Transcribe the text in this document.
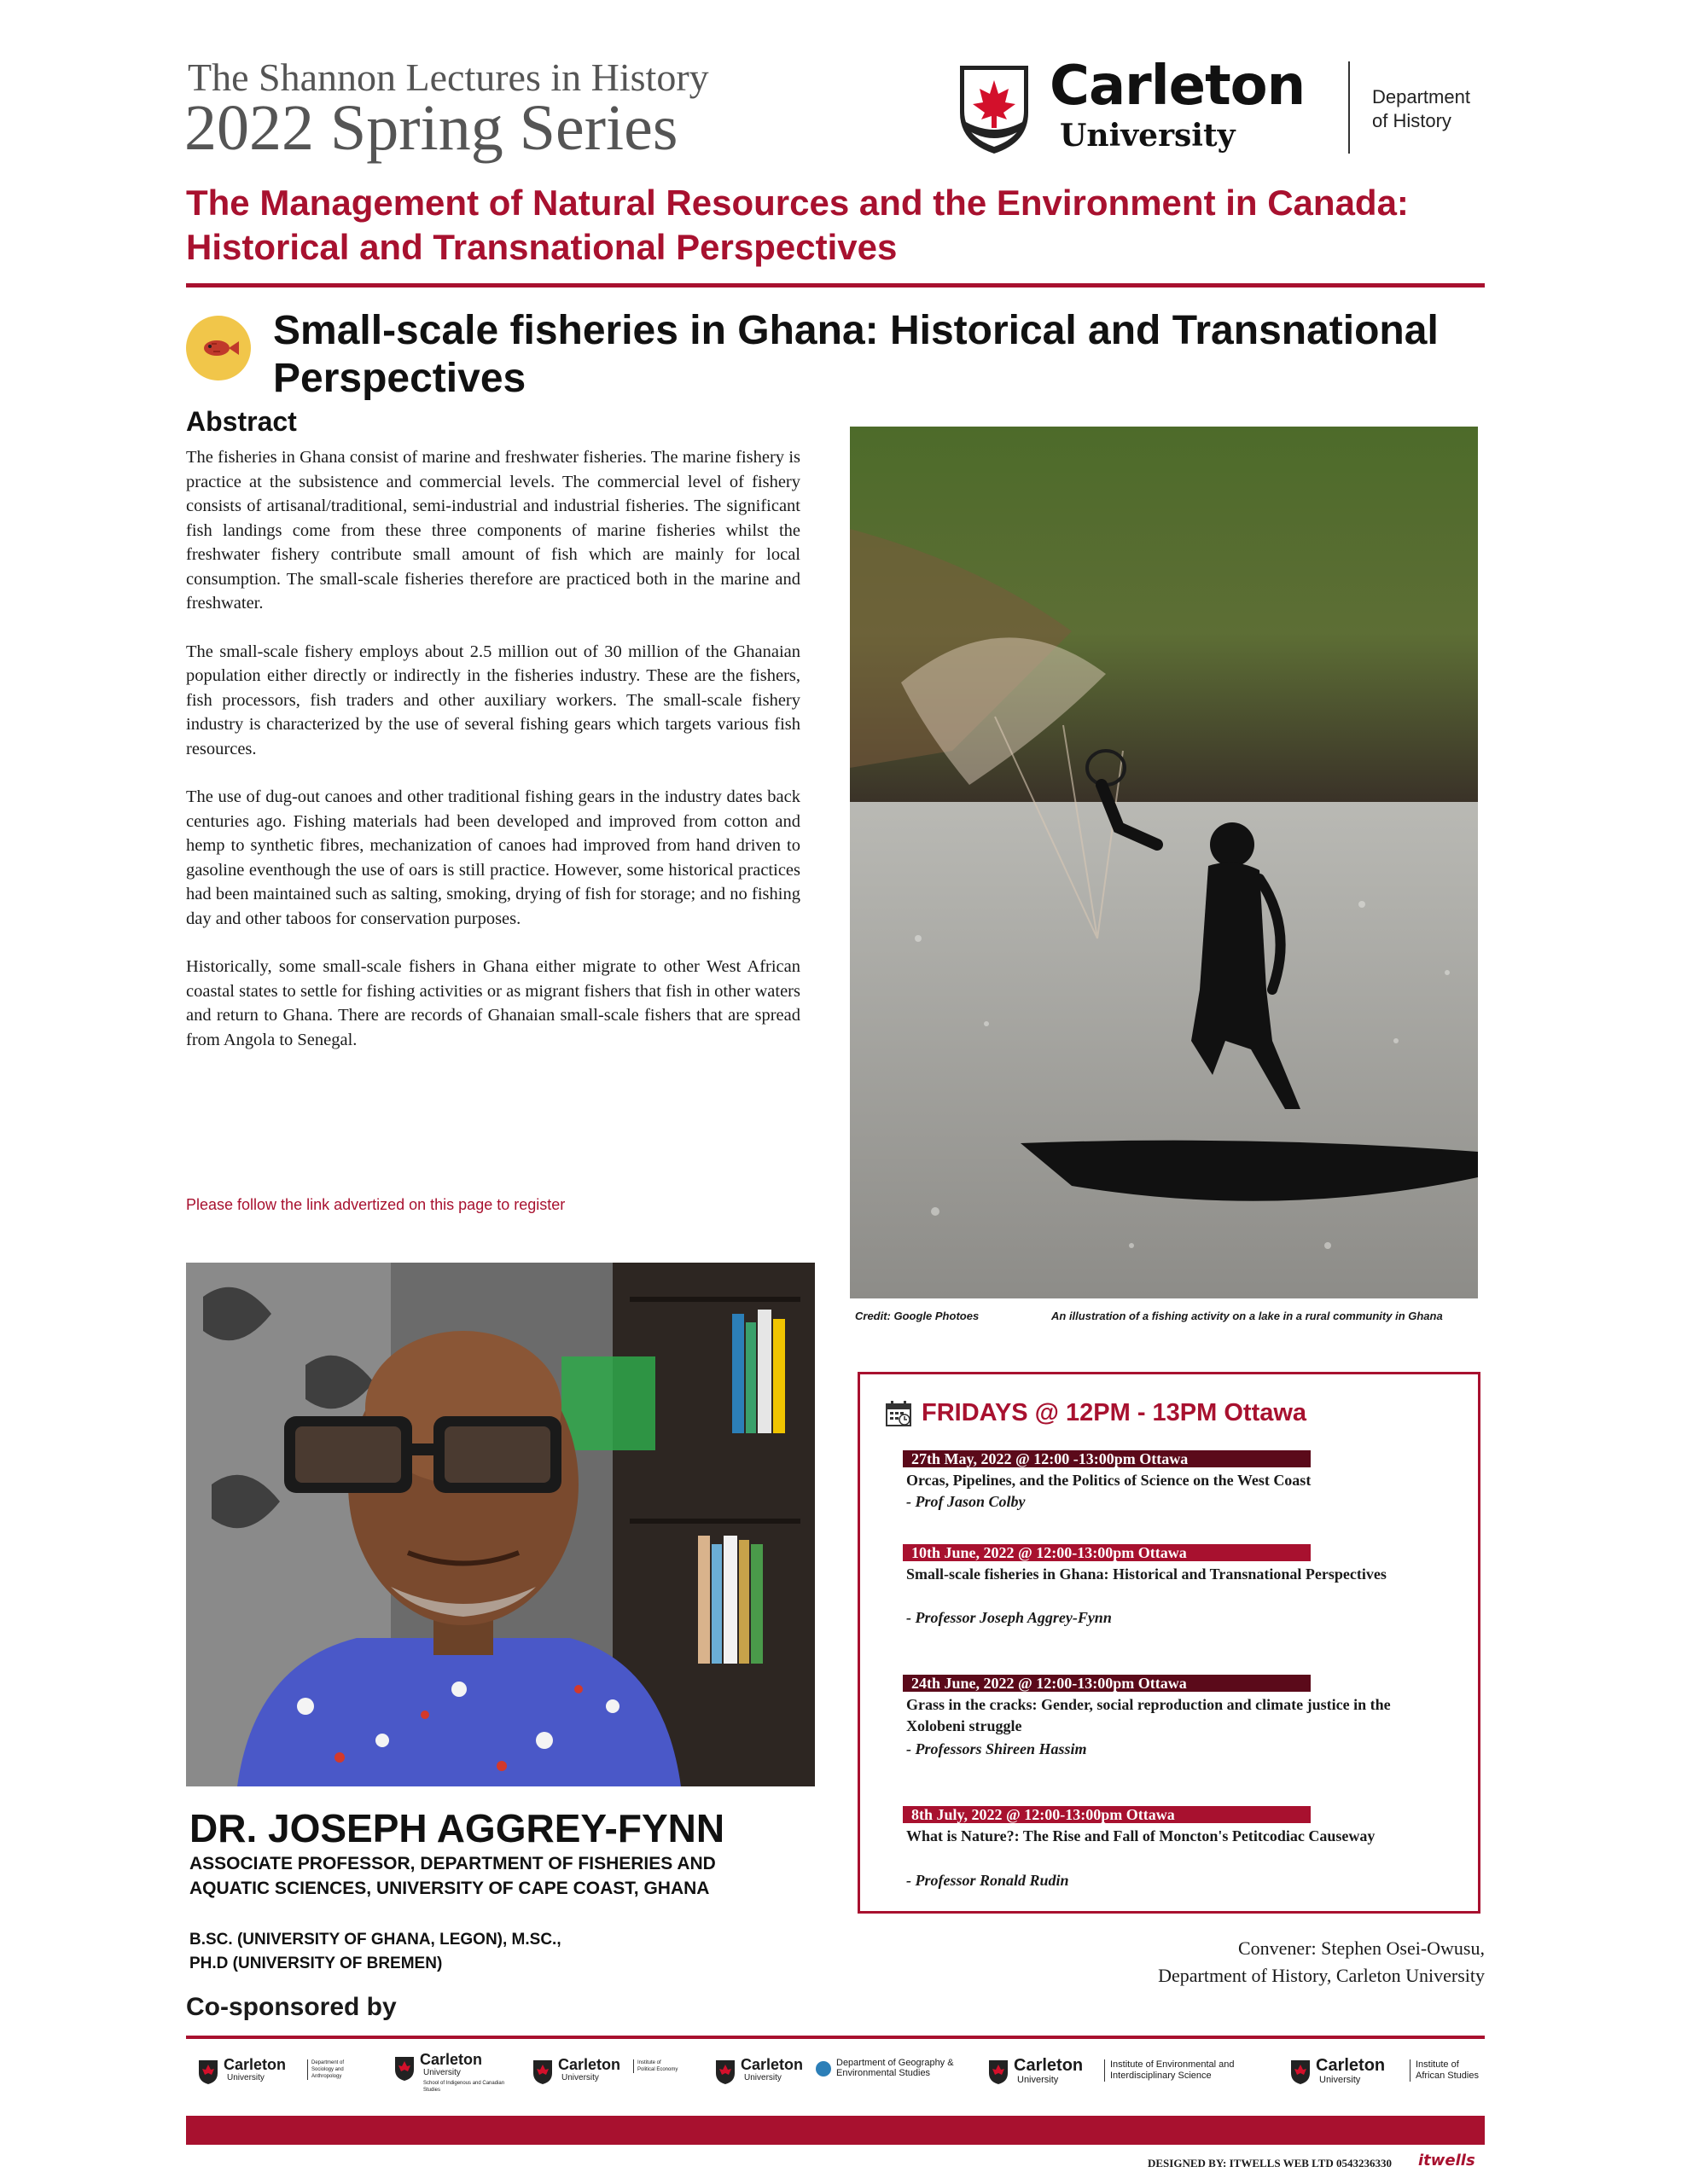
The Shannon Lectures in History
2022 Spring Series
Carleton
University
Department
of History
The Management of Natural Resources and the Environment in Canada:
Historical and Transnational Perspectives
Small-scale fisheries in Ghana: Historical and Transnational Perspectives
Abstract

The fisheries in Ghana consist of marine and freshwater fisheries. The marine fishery is practice at the subsistence and commercial levels. The commercial level of fishery consists of artisanal/traditional, semi-industrial and industrial fisheries. The significant fish landings come from these three components of marine fisheries whilst the freshwater fishery contribute small amount of fish which are mainly for local consumption. The small-scale fisheries therefore are practiced both in the marine and freshwater.

The small-scale fishery employs about 2.5 million out of 30 million of the Ghanaian population either directly or indirectly in the fisheries industry. These are the fishers, fish processors, fish traders and other auxiliary workers. The small-scale fishery industry is characterized by the use of several fishing gears which targets various fish resources.

The use of dug-out canoes and other traditional fishing gears in the industry dates back centuries ago. Fishing materials had been developed and improved from cotton and hemp to synthetic fibres, mechanization of canoes had improved from hand driven to gasoline eventhough the use of oars is still practice. However, some historical practices had been maintained such as salting, smoking, drying of fish for storage; and no fishing day and other taboos for conservation purposes.

Historically, some small-scale fishers in Ghana either migrate to other West African coastal states to settle for fishing activities or as migrant fishers that fish in other waters and return to Ghana. There are records of Ghanaian small-scale fishers that are spread from Angola to Senegal.

Please follow the link advertized on this page to register
Credit: Google Photoes	An illustration of a fishing activity on a lake in a rural community in Ghana
DR. JOSEPH AGGREY-FYNN
ASSOCIATE PROFESSOR, DEPARTMENT OF FISHERIES AND
AQUATIC SCIENCES, UNIVERSITY OF CAPE COAST, GHANA
B.SC. (UNIVERSITY OF GHANA, LEGON), M.SC.,
PH.D (UNIVERSITY OF BREMEN)
FRIDAYS @ 12PM - 13PM Ottawa
27th May, 2022 @ 12:00 -13:00pm Ottawa
Orcas, Pipelines, and the Politics of Science on the West Coast
- Prof Jason Colby
10th June, 2022 @ 12:00-13:00pm Ottawa
Small-scale fisheries in Ghana: Historical and Transnational Perspectives
- Professor Joseph Aggrey-Fynn
24th June, 2022 @ 12:00-13:00pm Ottawa
Grass in the cracks: Gender, social reproduction and climate justice in the Xolobeni struggle
- Professors Shireen Hassim
8th July, 2022 @ 12:00-13:00pm Ottawa
What is Nature?: The Rise and Fall of Moncton's Petitcodiac Causeway
- Professor Ronald Rudin
Convener: Stephen Osei-Owusu,
Department of History, Carleton University
Co-sponsored by
Carleton
University
Department of Sociology and Anthropology
Carleton
University
School of Indigenous and Canadian Studies
Carleton
University
Institute of Political Economy	Carleton
University
Department of Geography & Environmental Studies	Carleton
University
Institute of Environmental and Interdisciplinary Science
Carleton
University
Institute of African Studies
DESIGNED BY: ITWELLS WEB LTD 0543236330 itwells
